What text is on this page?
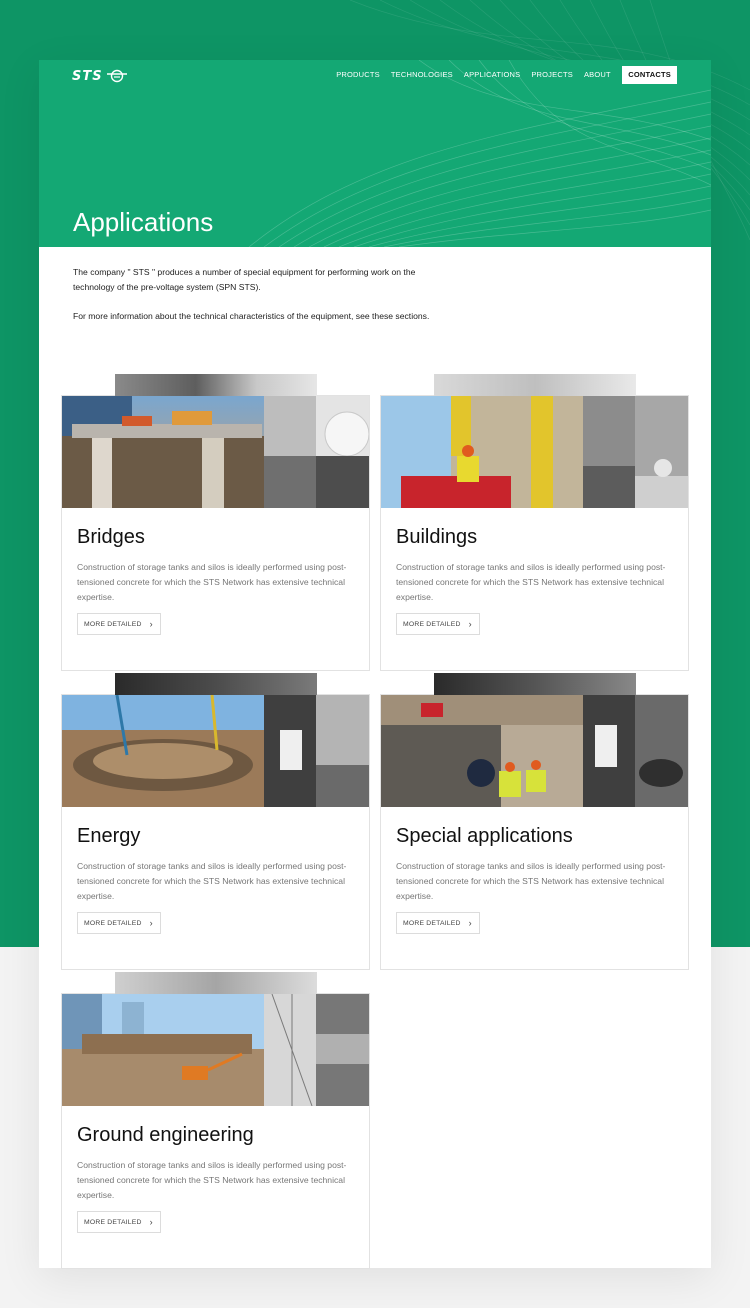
STS	PRODUCTS	TECHNOLOGIES	APPLICATIONS	PROJECTS	ABOUT	CONTACTS
Applications

The company " STS " produces a number of special equipment for performing work on the technology of the pre-voltage system (SPN STS).

For more information about the technical characteristics of the equipment, see these sections.

Bridges
Construction of storage tanks and silos is ideally performed using post-tensioned concrete for which the STS Network has extensive technical expertise.
MORE DETAILED ›
Buildings
Construction of storage tanks and silos is ideally performed using post-tensioned concrete for which the STS Network has extensive technical expertise.
MORE DETAILED ›
Energy
Construction of storage tanks and silos is ideally performed using post-tensioned concrete for which the STS Network has extensive technical expertise.
MORE DETAILED ›
Special applications
Construction of storage tanks and silos is ideally performed using post-tensioned concrete for which the STS Network has extensive technical expertise.
MORE DETAILED ›
Ground engineering
Construction of storage tanks and silos is ideally performed using post-tensioned concrete for which the STS Network has extensive technical expertise.
MORE DETAILED ›
